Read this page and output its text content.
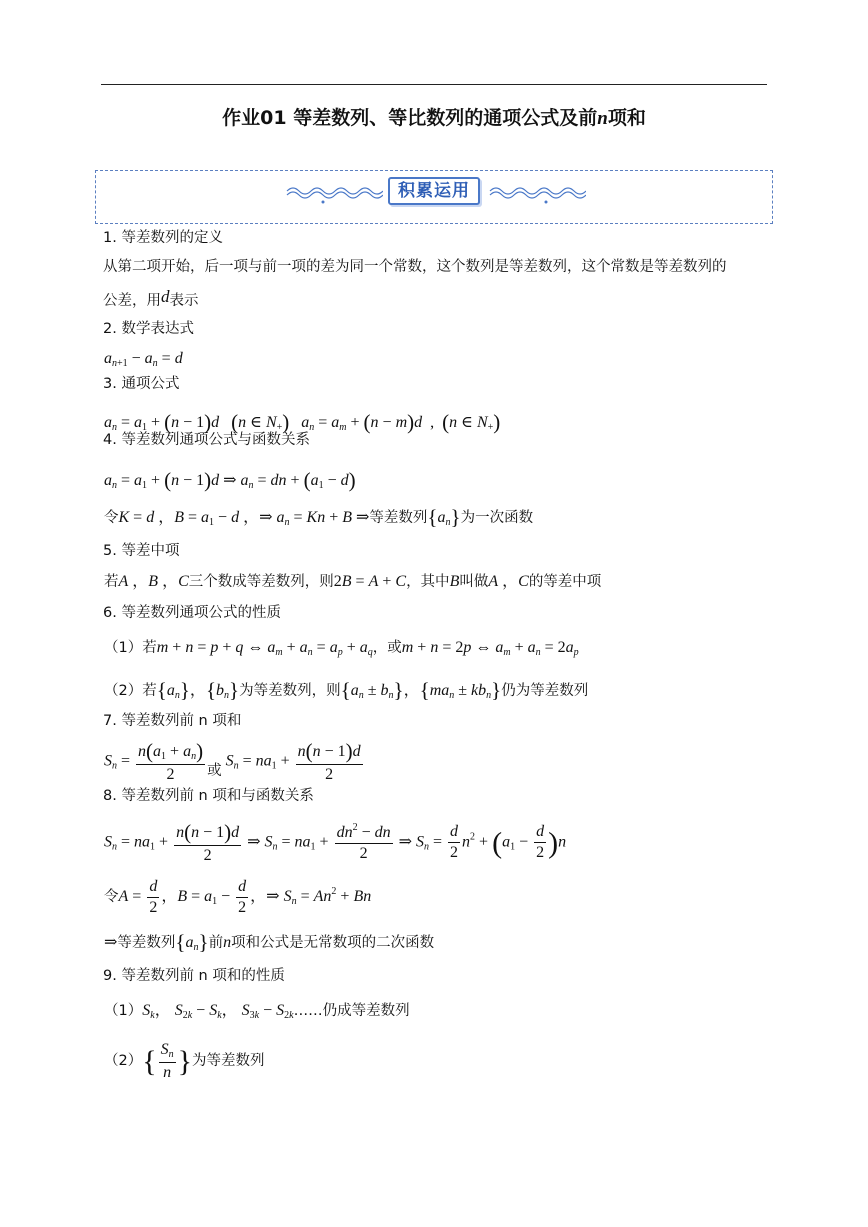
作业01 等差数列、等比数列的通项公式及前n项和
积累运用
1. 等差数列的定义
从第二项开始，后一项与前一项的差为同一个常数，这个数列是等差数列，这个常数是等差数列的
公差，用d表示
2. 数学表达式
$a_{n+1} - a_n = d$
3. 通项公式
$a_n = a_1 + (n - 1)d$ (n ∈ $N_+$) $a_n = a_m + (n - m)d$  ,  (n ∈ $N_+$)
4. 等差数列通项公式与函数关系
$a_n = a_1 + (n - 1)d$ ⇒ $a_n$ = dn + $(a_1 - d)$
令K = d ，$B = a_1 - d$ ，⇒ $a_n = Kn + B$ ⇒等差数列$\{a_n\}$为一次函数
5. 等差中项
若A ，B ，C三个数成等差数列，则2B = A + C，其中B叫做A ，C的等差中项
6. 等差数列通项公式的性质
（1）若m + n = p + q ⇔ $a_m + a_n = a_p + a_q$，或m + n = 2p ⇔ $a_m + a_n = 2a_p$
（2）若$\{a_n\}$，$\{b_n\}$为等差数列，则$\{a_n \pm b_n\}$，$\{ma_n \pm kb_n\}$仍为等差数列
7. 等差数列前 n 项和
$S_n = \frac{n(a_1 + a_n)}{2}$ 或 $S_n = na_1 + \frac{n(n - 1)d}{2}$
8. 等差数列前 n 项和与函数关系
$S_n = na_1 + \frac{n(n - 1)d}{2}$ ⇒ $S_n = na_1 + \frac{dn^2 - dn}{2}$ ⇒ $S_n = \frac{d}{2} n^2 + (a_1 - \frac{d}{2} )n$
令$A = \frac{d}{2}$ ，$B = a_1 - \frac{d}{2}$ ，⇒ $S_n = An^2 + Bn$
⇒等差数列$\{a_n\}$前n项和公式是无常数项的二次函数
9. 等差数列前 n 项和的性质
$(1)S_k$， $S_{2k} - S_k$， $S_{3k}$ − $S_{2k}\dots\dots$仍成等差数列
$(2)\{ \frac{S_n}{n}$ }为等差数列
